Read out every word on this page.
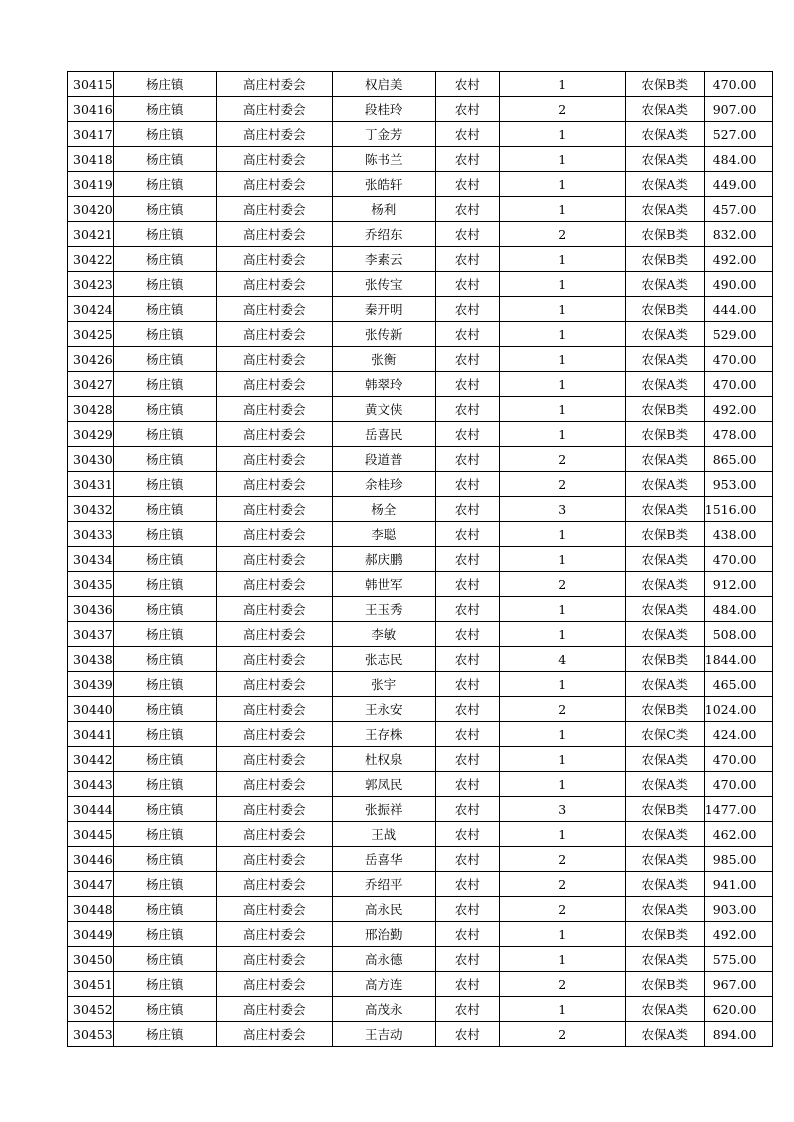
30415	杨庄镇	高庄村委会	权启美	农村	1	农保B类	470.00
30416	杨庄镇	高庄村委会	段桂玲	农村	2	农保A类	907.00
30417	杨庄镇	高庄村委会	丁金芳	农村	1	农保A类	527.00
30418	杨庄镇	高庄村委会	陈书兰	农村	1	农保A类	484.00
30419	杨庄镇	高庄村委会	张皓轩	农村	1	农保A类	449.00
30420	杨庄镇	高庄村委会	杨利	农村	1	农保A类	457.00
30421	杨庄镇	高庄村委会	乔绍东	农村	2	农保B类	832.00
30422	杨庄镇	高庄村委会	李素云	农村	1	农保B类	492.00
30423	杨庄镇	高庄村委会	张传宝	农村	1	农保A类	490.00
30424	杨庄镇	高庄村委会	秦开明	农村	1	农保B类	444.00
30425	杨庄镇	高庄村委会	张传新	农村	1	农保A类	529.00
30426	杨庄镇	高庄村委会	张衡	农村	1	农保A类	470.00
30427	杨庄镇	高庄村委会	韩翠玲	农村	1	农保A类	470.00
30428	杨庄镇	高庄村委会	黄文侠	农村	1	农保B类	492.00
30429	杨庄镇	高庄村委会	岳喜民	农村	1	农保B类	478.00
30430	杨庄镇	高庄村委会	段道普	农村	2	农保A类	865.00
30431	杨庄镇	高庄村委会	余桂珍	农村	2	农保A类	953.00
30432	杨庄镇	高庄村委会	杨全	农村	3	农保A类	1516.00
30433	杨庄镇	高庄村委会	李聪	农村	1	农保B类	438.00
30434	杨庄镇	高庄村委会	郝庆鹏	农村	1	农保A类	470.00
30435	杨庄镇	高庄村委会	韩世军	农村	2	农保A类	912.00
30436	杨庄镇	高庄村委会	王玉秀	农村	1	农保A类	484.00
30437	杨庄镇	高庄村委会	李敏	农村	1	农保A类	508.00
30438	杨庄镇	高庄村委会	张志民	农村	4	农保B类	1844.00
30439	杨庄镇	高庄村委会	张宇	农村	1	农保A类	465.00
30440	杨庄镇	高庄村委会	王永安	农村	2	农保B类	1024.00
30441	杨庄镇	高庄村委会	王存株	农村	1	农保C类	424.00
30442	杨庄镇	高庄村委会	杜权泉	农村	1	农保A类	470.00
30443	杨庄镇	高庄村委会	郭凤民	农村	1	农保A类	470.00
30444	杨庄镇	高庄村委会	张振祥	农村	3	农保B类	1477.00
30445	杨庄镇	高庄村委会	王战	农村	1	农保A类	462.00
30446	杨庄镇	高庄村委会	岳喜华	农村	2	农保A类	985.00
30447	杨庄镇	高庄村委会	乔绍平	农村	2	农保A类	941.00
30448	杨庄镇	高庄村委会	高永民	农村	2	农保A类	903.00
30449	杨庄镇	高庄村委会	邢治勤	农村	1	农保B类	492.00
30450	杨庄镇	高庄村委会	高永德	农村	1	农保A类	575.00
30451	杨庄镇	高庄村委会	高方连	农村	2	农保B类	967.00
30452	杨庄镇	高庄村委会	高茂永	农村	1	农保A类	620.00
30453	杨庄镇	高庄村委会	王吉动	农村	2	农保A类	894.00
